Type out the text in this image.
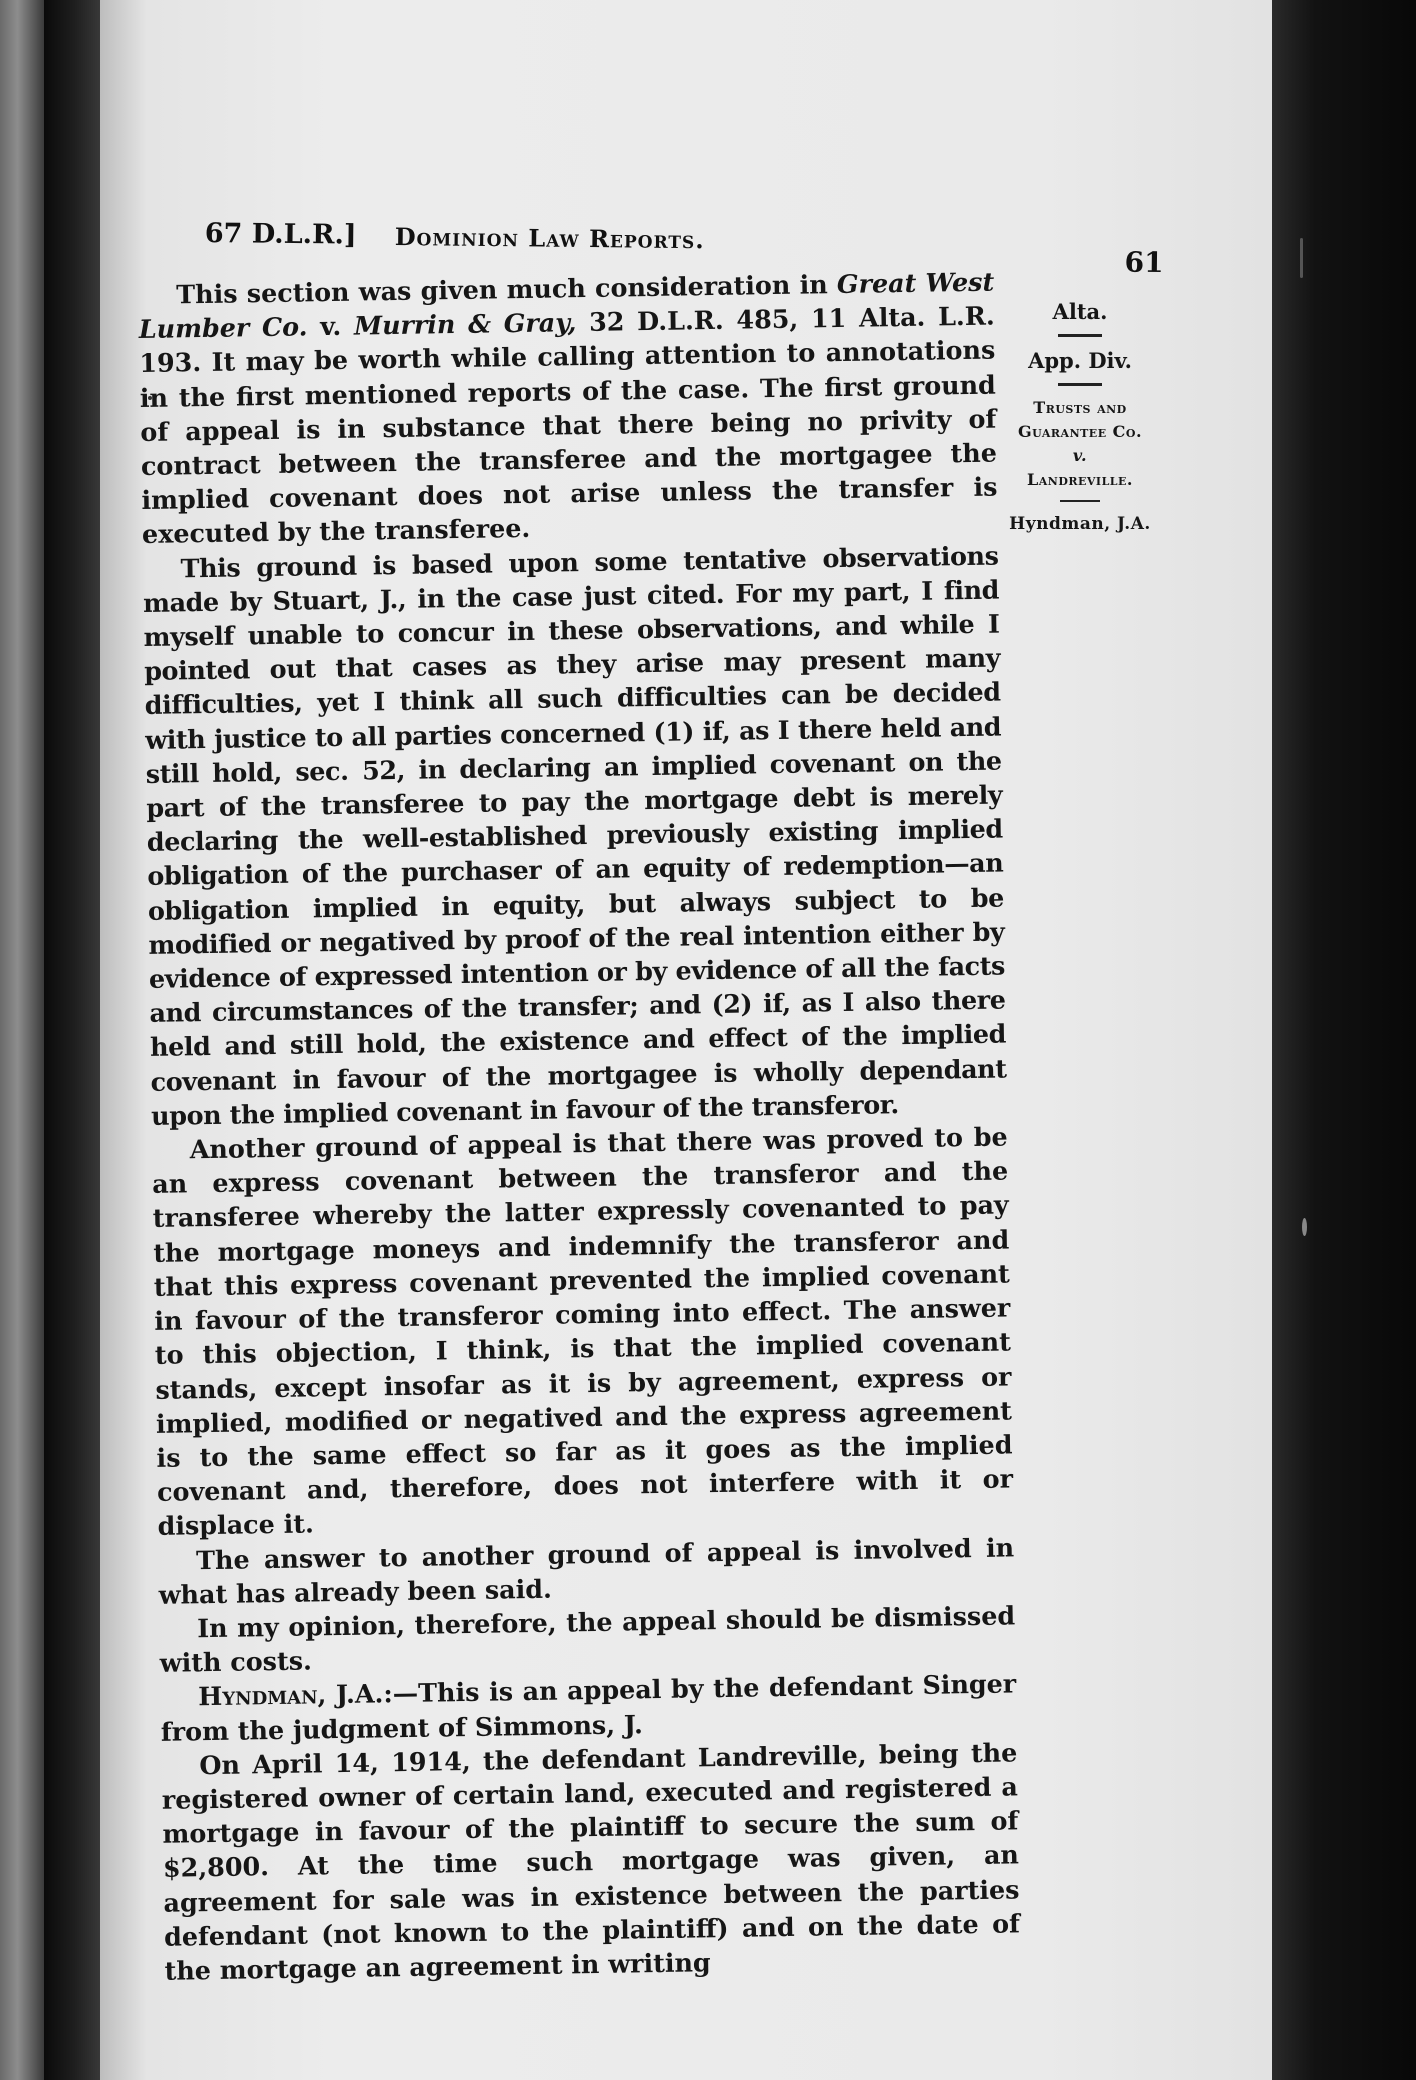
67 D.L.R.] Dominion Law Reports.
61
Alta.
App. Div.
Trusts and Guarantee Co.
v.
Landreville.
Hyndman, J.A.

This section was given much consideration in Great West Lumber Co. v. Murrin & Gray, 32 D.L.R. 485, 11 Alta. L.R. 193. It may be worth while calling attention to annotations in the first mentioned reports of the case. The first ground of appeal is in substance that there being no privity of contract between the transferee and the mortgagee the implied covenant does not arise unless the transfer is executed by the transferee.

This ground is based upon some tentative observations made by Stuart, J., in the case just cited. For my part, I find myself unable to concur in these observations, and while I pointed out that cases as they arise may present many difficulties, yet I think all such difficulties can be decided with justice to all parties concerned (1) if, as I there held and still hold, sec. 52, in declaring an implied covenant on the part of the transferee to pay the mortgage debt is merely declaring the well-established previously existing implied obligation of the purchaser of an equity of redemption—an obligation implied in equity, but always subject to be modified or negatived by proof of the real intention either by evidence of expressed intention or by evidence of all the facts and circumstances of the transfer; and (2) if, as I also there held and still hold, the existence and effect of the implied covenant in favour of the mortgagee is wholly dependant upon the implied covenant in favour of the transferor.

Another ground of appeal is that there was proved to be an express covenant between the transferor and the transferee whereby the latter expressly covenanted to pay the mortgage moneys and indemnify the transferor and that this express covenant prevented the implied covenant in favour of the transferor coming into effect. The answer to this objection, I think, is that the implied covenant stands, except insofar as it is by agreement, express or implied, modified or negatived and the express agreement is to the same effect so far as it goes as the implied covenant and, therefore, does not interfere with it or displace it.

The answer to another ground of appeal is involved in what has already been said.

In my opinion, therefore, the appeal should be dismissed with costs.

Hyndman, J.A.:—This is an appeal by the defendant Singer from the judgment of Simmons, J.

On April 14, 1914, the defendant Landreville, being the registered owner of certain land, executed and registered a mortgage in favour of the plaintiff to secure the sum of $2,800. At the time such mortgage was given, an agreement for sale was in existence between the parties defendant (not known to the plaintiff) and on the date of the mortgage an agreement in writing
